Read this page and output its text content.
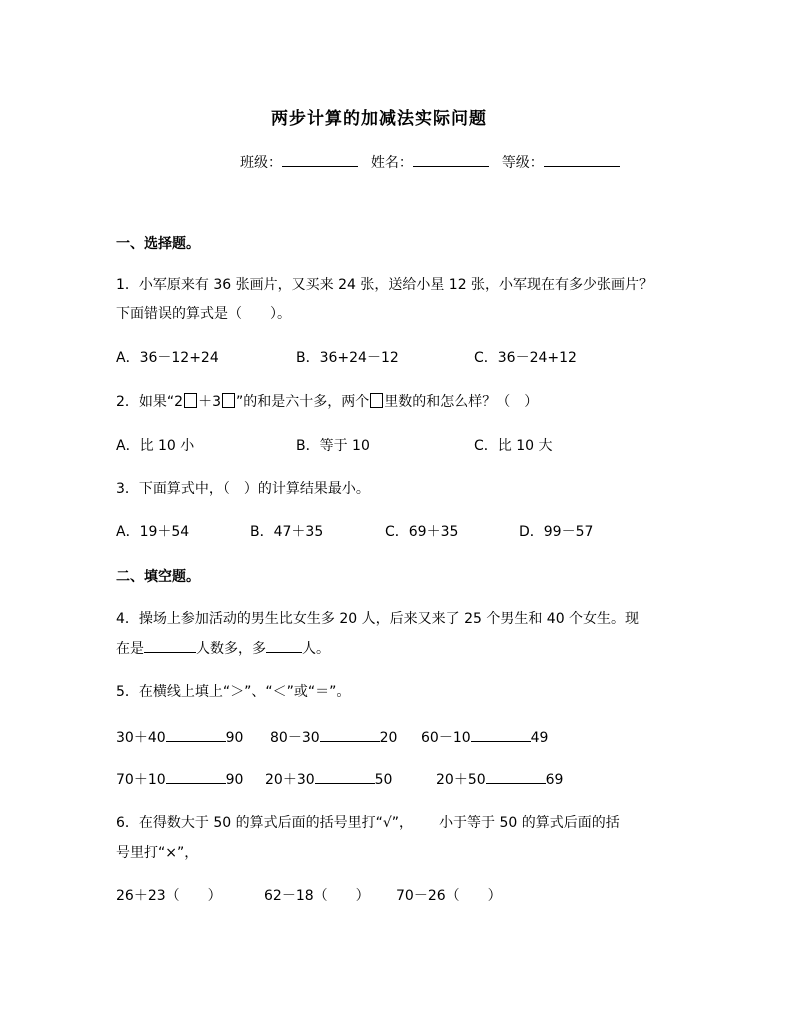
两步计算的加减法实际问题
班级：	姓名：	等级：
一、选择题。
1．小军原来有 36 张画片，又买来 24 张，送给小星 12 张，小军现在有多少张画片？
下面错误的算式是（　　）。
A．36－12+24	B．36+24－12	C．36－24+12
2．如果“2 ＋3 ”的和是六十多，两个 里数的和怎么样？（　）
A．比 10 小	B．等于 10	C．比 10 大
3．下面算式中，（　）的计算结果最小。
A．19＋54	B．47＋35	C．69＋35	D．99－57
二、填空题。
4．操场上参加活动的男生比女生多 20 人，后来又来了 25 个男生和 40 个女生。现
在是	人数多，多	人。
5．在横线上填上“＞”、“＜”或“＝”。
30＋40	90 80－30	20 60－10	49
70＋10	90 20＋30	50	20＋50	69
6．在得数大于 50 的算式后面的括号里打“√”， 小于等于 50 的算式后面的括
号里打“×”，
26＋23（　　）	62－18（　　） 70－26（　　）
